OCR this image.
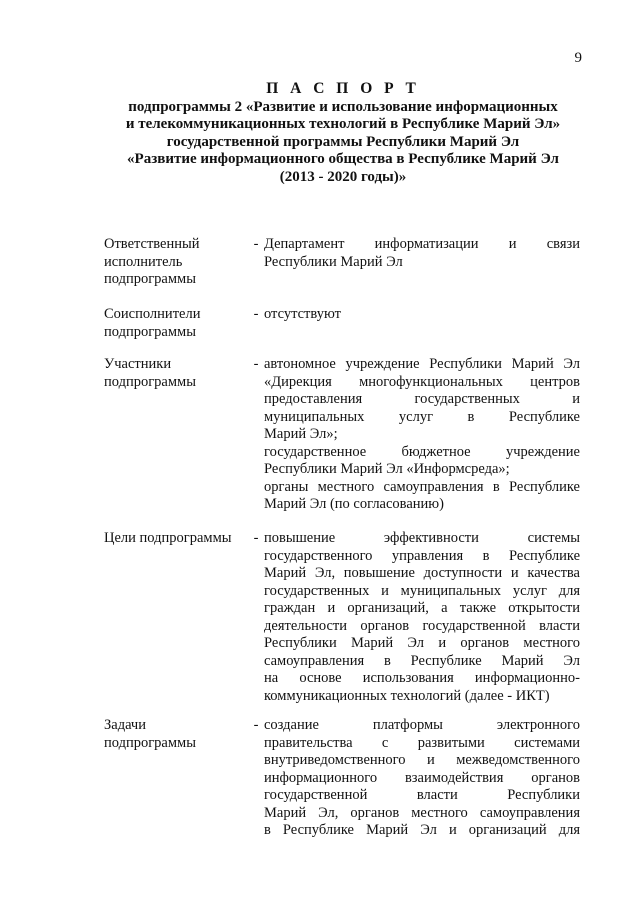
9
П А С П О Р Т
подпрограммы 2 «Развитие и использование информационных
и телекоммуникационных технологий в Республике Марий Эл»
государственной программы Республики Марий Эл
«Развитие информационного общества в Республике Марий Эл
(2013 - 2020 годы)»
Ответственный
исполнитель
подпрограммы
- Департамент информатизации и связи
Республики Марий Эл
Соисполнители
подпрограммы
- отсутствуют
Участники
подпрограммы
- автономное учреждение Республики Марий Эл
«Дирекция многофункциональных центров
предоставления государственных и
муниципальных услуг в Республике
Марий Эл»;
государственное бюджетное учреждение
Республики Марий Эл «Информсреда»;
органы местного самоуправления в Республике
Марий Эл (по согласованию)
Цели подпрограммы	- повышение эффективности системы
государственного управления в Республике
Марий Эл, повышение доступности и качества
государственных и муниципальных услуг для
граждан и организаций, а также открытости
деятельности органов государственной власти
Республики Марий Эл и органов местного
самоуправления в Республике Марий Эл
на основе использования информационно-
коммуникационных технологий (далее - ИКТ)
Задачи
подпрограммы
- создание платформы электронного
правительства с развитыми системами
внутриведомственного и межведомственного
информационного взаимодействия органов
государственной власти Республики
Марий Эл, органов местного самоуправления
в Республике Марий Эл и организаций для
